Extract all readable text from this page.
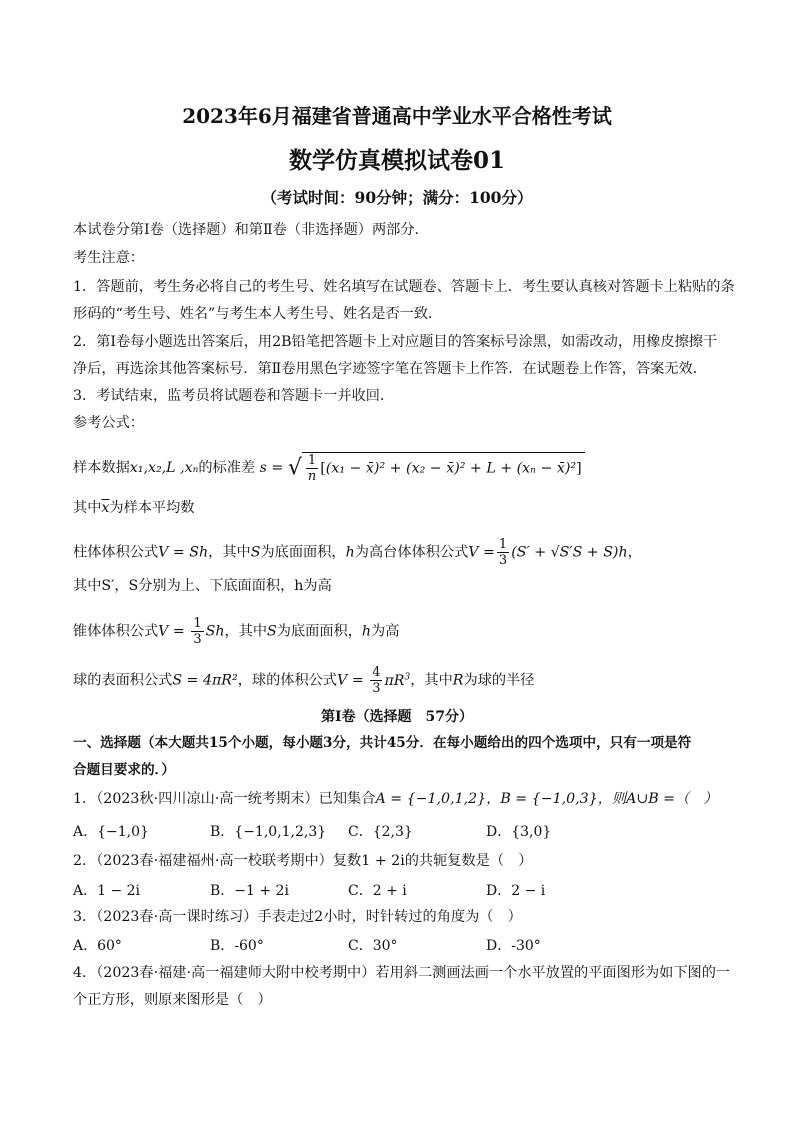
2023年6月福建省普通高中学业水平合格性考试
数学仿真模拟试卷01
（考试时间：90分钟；满分：100分）
本试卷分第Ⅰ卷（选择题）和第Ⅱ卷（非选择题）两部分．
考生注意：
1．答题前，考生务必将自己的考生号、姓名填写在试题卷、答题卡上．考生要认真核对答题卡上粘贴的条
形码的“考生号、姓名”与考生本人考生号、姓名是否一致．
2．第Ⅰ卷每小题选出答案后，用2B铅笔把答题卡上对应题目的答案标号涂黑，如需改动，用橡皮擦擦干
净后，再选涂其他答案标号．第Ⅱ卷用黑色字迹签字笔在答题卡上作答．在试题卷上作答，答案无效．
3．考试结束，监考员将试题卷和答题卡一并收回．
参考公式：
样本数据x₁,x₂,L ,xₙ的标准差 s = √ $\frac{1}{n} [(x_1$ − x̄)² + (x₂ − x̄)² + L + (xₙ − x̄)²]
其中$\overline{x}$为样本平均数
柱体体积公式V = Sh，其中S为底面面积，h为高台体体积公式$V = \frac{1}{3} (S' + √S'S + S)h$，
其中S′，S分别为上、下底面面积，h为高
锥体体积公式$V = \frac{1}{3}$ Sh，其中S为底面面积，h为高
球的表面积公式S = 4πR²，球的体积公式$V = \frac{4}{3} \pi R^3$，其中R为球的半径
第Ⅰ卷（选择题　57分）
一、选择题（本大题共15个小题，每小题3分，共计45分．在每小题给出的四个选项中，只有一项是符
合题目要求的．）
1．（2023秋·四川凉山·高一统考期末）已知集合A = {−1,0,1,2}，B = {−1,0,3}，则A∪B =（　）
A．{−1,0}	B．{−1,0,1,2,3} C．{2,3}	D．{3,0}
2．（2023春·福建福州·高一校联考期中）复数1 + 2i的共轭复数是（　）
A．1 − 2i	B．−1 + 2i	C．2 + i	D．2 − i
3．（2023春·高一课时练习）手表走过2小时，时针转过的角度为（　）
A．60°	B．-60°	C．30°	D．-30°
4．（2023春·福建·高一福建师大附中校考期中）若用斜二测画法画一个水平放置的平面图形为如下图的一
个正方形，则原来图形是（　）
